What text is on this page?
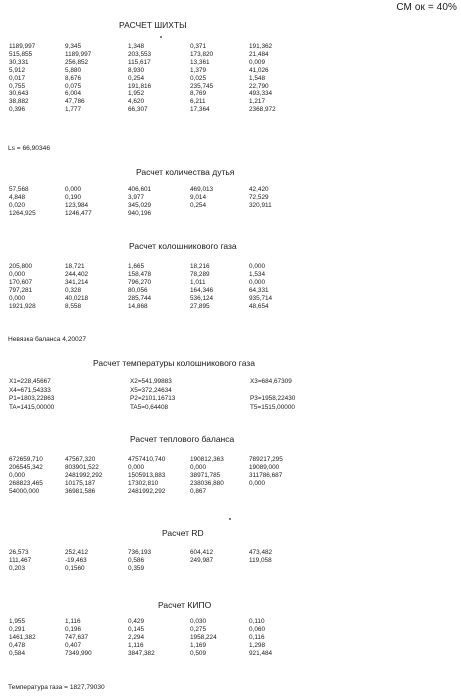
СМ ок = 40%
РАСЧЕТ ШИХТЫ
1189,997	9,345	1,348	0,371	191,362
515,855	1189,997	203,553	173,820	21,484
30,331	256,852	115,617	13,361	0,009
5,912	5,880	8,930	1,379	41,026
0,017	8,676	0,254	0,025	1,548
0,755	0,075	191,816	235,745	22,790
30,643	6,004	1,952	8,769	493,334
38,882	47,786	4,620	6,211	1,217
0,396	1,777	66,307	17,364	2368,972
Ls = 66,90346
Расчет количества дутья
57,568	0,000	406,601	469,013	42,420
4,848	0,190	3,977	9,014	72,529
0,020	123,984	345,029	0,254	320,911
1264,925	1246,477	940,196
Расчет колошникового газа
205,800	18,721	1,665	18,216	0,000
0,000	244,402	158,478	78,289	1,534
170,607	341,214	796,270	1,011	0,000
797,281	0,328	80,056	164,346	64,331
0,000	40,0218	285,744	536,124	935,714
1921,928	8,558	14,868	27,895	48,654
Невязка баланса 4,20027
Расчет температуры колошникового газа
X1=228,45667	X2=541,99883	X3=684,67309
X4=671,54333	X5=372,24634
P1=1803,22863	P2=2101,16713	P3=1958,22430
TA=1415,00000	TA5=0,64408	T5=1515,00000
Расчет теплового баланса
672659,710	47567,320	4757410,740	190812,363	789217,295
206545,342	803901,522	0,000	0,000	19089,000
0,000	2481992,292	1505913,883	38971,785	311786,687
268823,465	10175,187	17302,810	238036,880	0,000
54000,000	36981,586	2481992,292	0,867
Расчет RD
26,573	252,412	736,193	604,412	473,482
111,467	-19,463	0,586	249,987	119,058
0,203	0,1560	0,359
Расчет КИПО
1,955	1,116	0,429	0,030	0,110
0,291	0,196	0,145	0,275	0,060
1461,382	747,637	2,294	1958,224	0,116
0,478	0,407	1,116	1,169	1,298
0,584	7349,990	3847,382	0,509	921,484
Температура газа = 1827,79030
